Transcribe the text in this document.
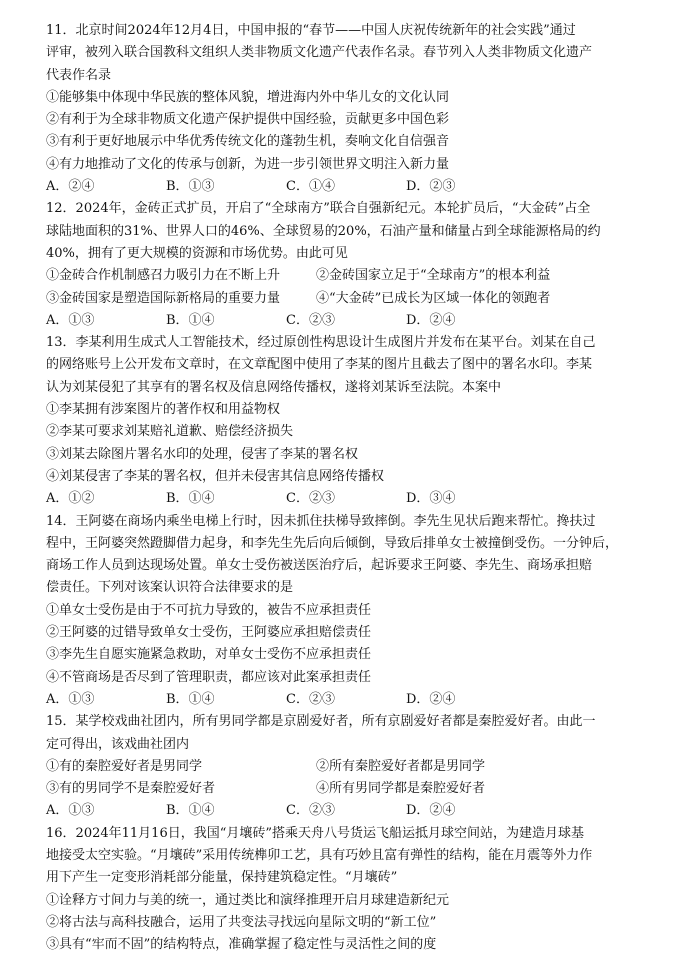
11．北京时间2024年12月4日，中国申报的“春节——中国人庆祝传统新年的社会实践”通过
评审，被列入联合国教科文组织人类非物质文化遗产代表作名录。春节列入人类非物质文化遗产
代表作名录
①能够集中体现中华民族的整体风貌，增进海内外中华儿女的文化认同
②有利于为全球非物质文化遗产保护提供中国经验，贡献更多中国色彩
③有利于更好地展示中华优秀传统文化的蓬勃生机，奏响文化自信强音
④有力地推动了文化的传承与创新，为进一步引领世界文明注入新力量
A．②④	B．①③	C．①④	D．②③
12．2024年，金砖正式扩员，开启了“全球南方”联合自强新纪元。本轮扩员后，“大金砖”占全
球陆地面积的31%、世界人口的46%、全球贸易的20%，石油产量和储量占到全球能源格局的约
40%，拥有了更大规模的资源和市场优势。由此可见
①金砖合作机制感召力吸引力在不断上升	②金砖国家立足于“全球南方”的根本利益
③金砖国家是塑造国际新格局的重要力量	④“大金砖”已成长为区域一体化的领跑者
A．①③	B．①④	C．②③	D．②④
13．李某利用生成式人工智能技术，经过原创性构思设计生成图片并发布在某平台。刘某在自己
的网络账号上公开发布文章时，在文章配图中使用了李某的图片且截去了图中的署名水印。李某
认为刘某侵犯了其享有的署名权及信息网络传播权，遂将刘某诉至法院。本案中
①李某拥有涉案图片的著作权和用益物权
②李某可要求刘某赔礼道歉、赔偿经济损失
③刘某去除图片署名水印的处理，侵害了李某的署名权
④刘某侵害了李某的署名权，但并未侵害其信息网络传播权
A．①②	B．①④	C．②③	D．③④
14．王阿婆在商场内乘坐电梯上行时，因未抓住扶梯导致摔倒。李先生见状后跑来帮忙。搀扶过
程中，王阿婆突然蹬脚借力起身，和李先生先后向后倾倒，导致后排单女士被撞倒受伤。一分钟后，
商场工作人员到达现场处置。单女士受伤被送医治疗后，起诉要求王阿婆、李先生、商场承担赔
偿责任。下列对该案认识符合法律要求的是
①单女士受伤是由于不可抗力导致的，被告不应承担责任
②王阿婆的过错导致单女士受伤，王阿婆应承担赔偿责任
③李先生自愿实施紧急救助，对单女士受伤不应承担责任
④不管商场是否尽到了管理职责，都应该对此案承担责任
A．①③	B．①④	C．②③	D．②④
15．某学校戏曲社团内，所有男同学都是京剧爱好者，所有京剧爱好者都是秦腔爱好者。由此一
定可得出，该戏曲社团内
①有的秦腔爱好者是男同学	②所有秦腔爱好者都是男同学
③有的男同学不是秦腔爱好者	④所有男同学都是秦腔爱好者
A．①③	B．①④	C．②③	D．②④
16．2024年11月16日，我国“月壤砖”搭乘天舟八号货运飞船运抵月球空间站，为建造月球基
地接受太空实验。“月壤砖”采用传统榫卯工艺，具有巧妙且富有弹性的结构，能在月震等外力作
用下产生一定变形消耗部分能量，保持建筑稳定性。“月壤砖”
①诠释方寸间力与美的统一，通过类比和演绎推理开启月球建造新纪元
②将古法与高科技融合，运用了共变法寻找远向星际文明的“新工位”
③具有“牢而不固”的结构特点，准确掌握了稳定性与灵活性之间的度
